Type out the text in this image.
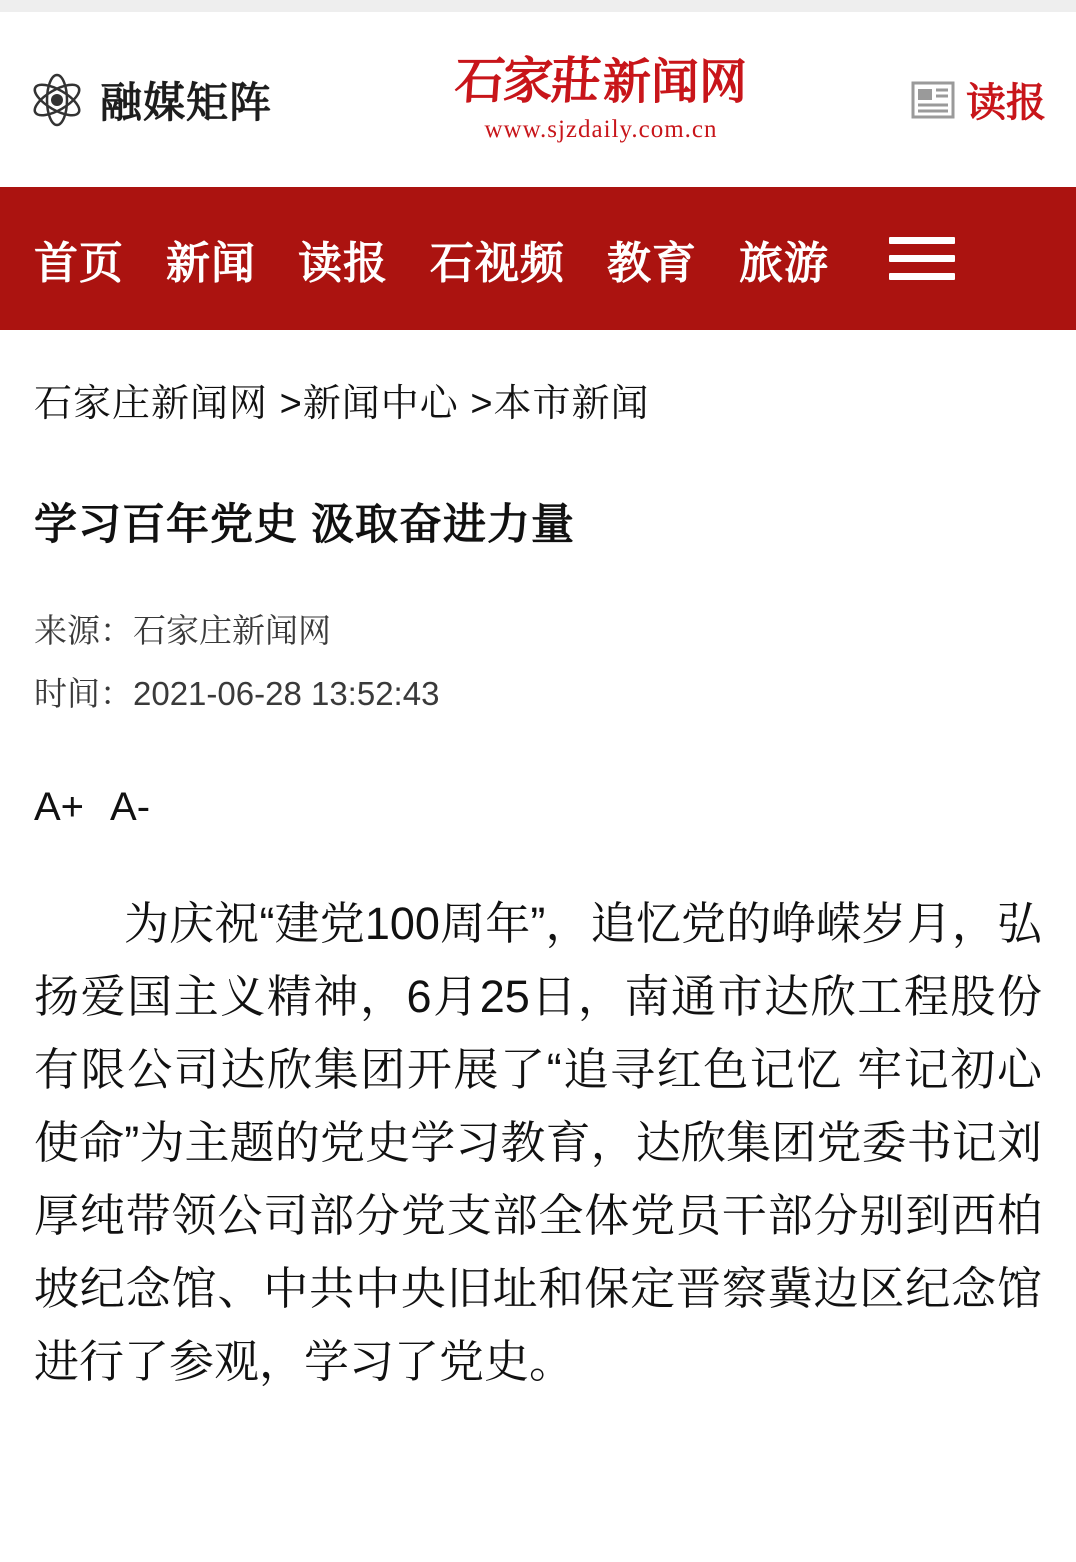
融媒矩阵	石家莊 新闻网
www.sjzdaily.com.cn
读报
首页 新闻 读报 石视频 教育 旅游
石家庄新闻网 >新闻中心 >本市新闻
学习百年党史 汲取奋进力量
来源： 石家庄新闻网
时间： 2021-06-28 13:52:43
A+ A-

为庆祝“建党100周年”，追忆党的峥嵘岁月，弘扬爱国主义精神，6月25日，南通市达欣工程股份有限公司达欣集团开展了“追寻红色记忆 牢记初心使命”为主题的党史学习教育，达欣集团党委书记刘厚纯带领公司部分党支部全体党员干部分别到西柏坡纪念馆、中共中央旧址和保定晋察冀边区纪念馆进行了参观，学习了党史。
